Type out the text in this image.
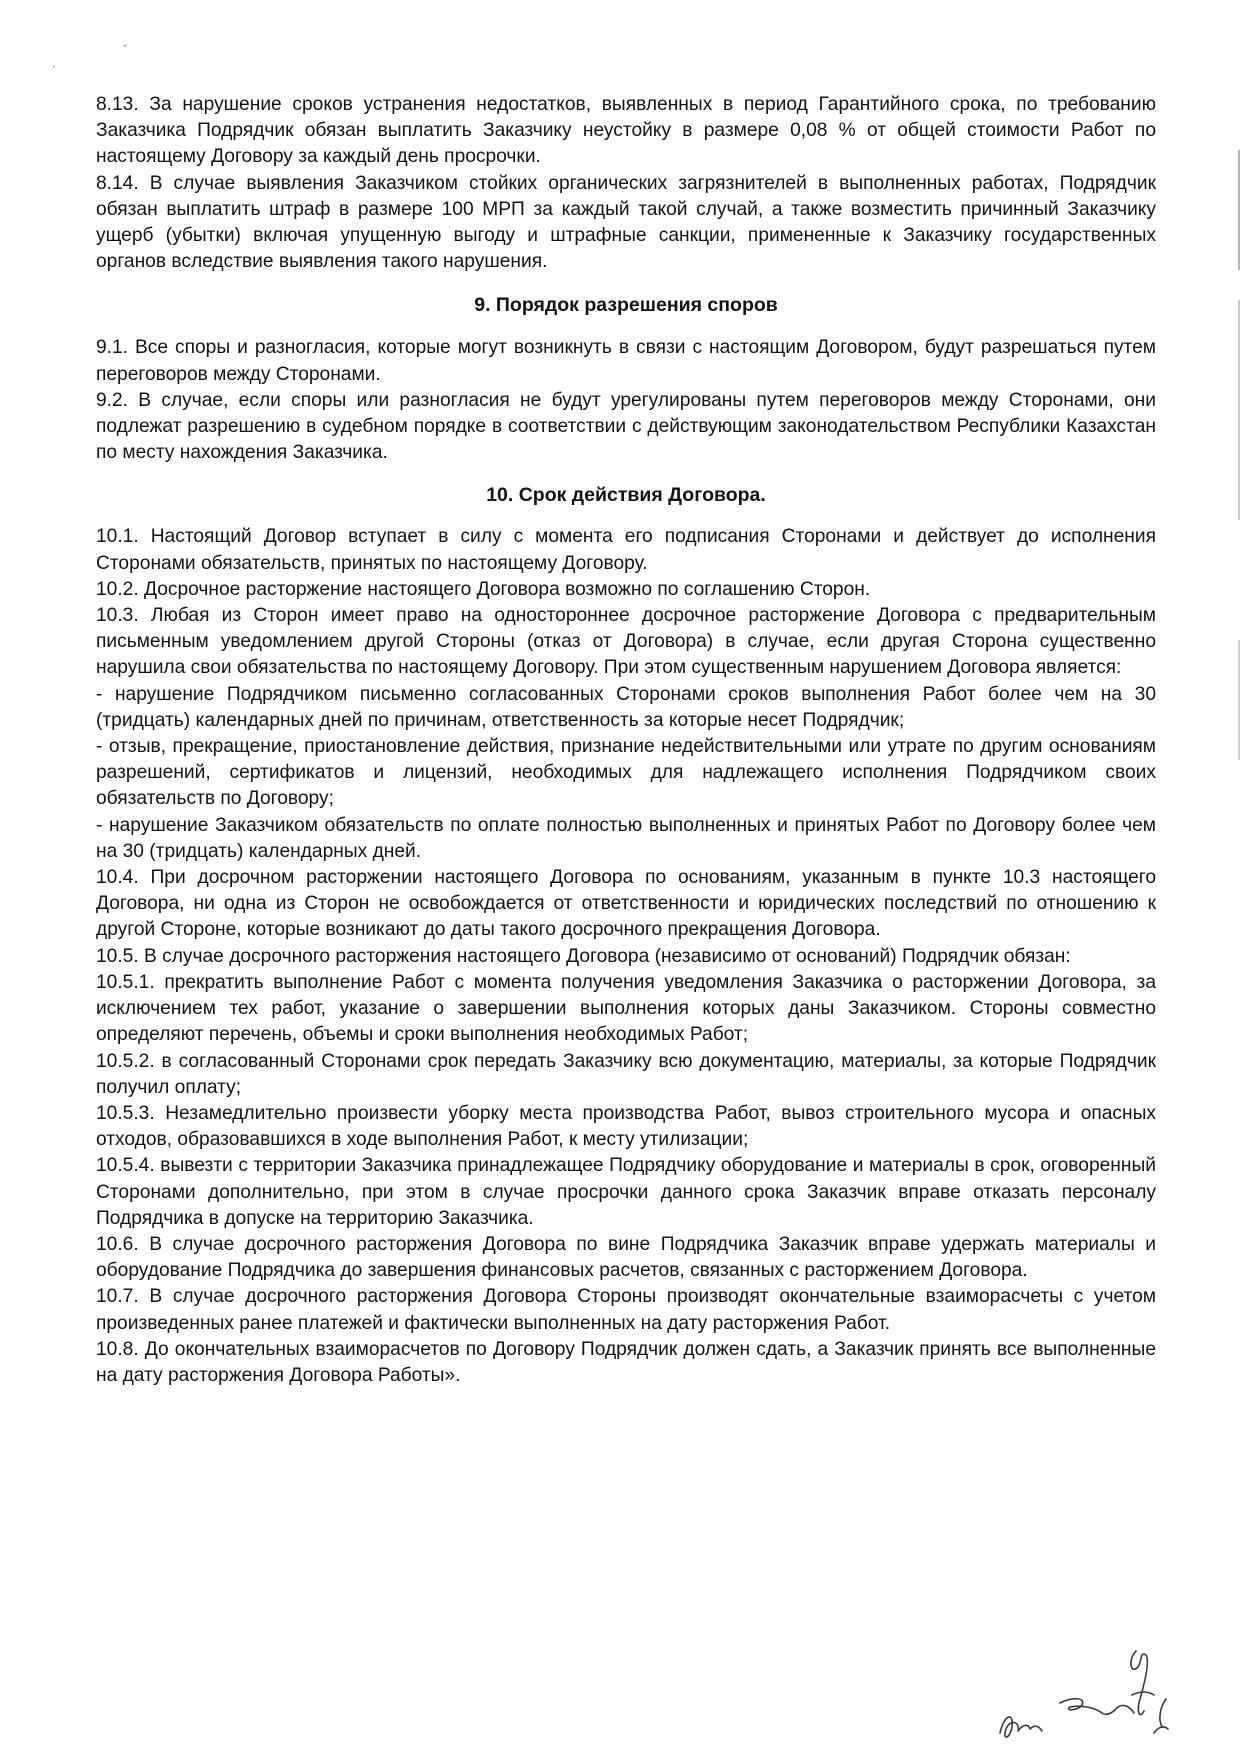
״
·

8.13. За нарушение сроков устранения недостатков, выявленных в период Гарантийного срока, по требованию Заказчика Подрядчик обязан выплатить Заказчику неустойку в размере 0,08 % от общей стоимости Работ по настоящему Договору за каждый день просрочки.

8.14. В случае выявления Заказчиком стойких органических загрязнителей в выполненных работах, Подрядчик обязан выплатить штраф в размере 100 МРП за каждый такой случай, а также возместить причинный Заказчику ущерб (убытки) включая упущенную выгоду и штрафные санкции, примененные к Заказчику государственных органов вследствие выявления такого нарушения.

9. Порядок разрешения споров

9.1. Все споры и разногласия, которые могут возникнуть в связи с настоящим Договором, будут разрешаться путем переговоров между Сторонами.

9.2. В случае, если споры или разногласия не будут урегулированы путем переговоров между Сторонами, они подлежат разрешению в судебном порядке в соответствии с действующим законодательством Республики Казахстан по месту нахождения Заказчика.

10. Срок действия Договора.

10.1. Настоящий Договор вступает в силу с момента его подписания Сторонами и действует до исполнения Сторонами обязательств, принятых по настоящему Договору.

10.2. Досрочное расторжение настоящего Договора возможно по соглашению Сторон.

10.3. Любая из Сторон имеет право на одностороннее досрочное расторжение Договора с предварительным письменным уведомлением другой Стороны (отказ от Договора) в случае, если другая Сторона существенно нарушила свои обязательства по настоящему Договору. При этом существенным нарушением Договора является:

- нарушение Подрядчиком письменно согласованных Сторонами сроков выполнения Работ более чем на 30 (тридцать) календарных дней по причинам, ответственность за которые несет Подрядчик;

- отзыв, прекращение, приостановление действия, признание недействительными или утрате по другим основаниям разрешений, сертификатов и лицензий, необходимых для надлежащего исполнения Подрядчиком своих обязательств по Договору;

- нарушение Заказчиком обязательств по оплате полностью выполненных и принятых Работ по Договору более чем на 30 (тридцать) календарных дней.

10.4. При досрочном расторжении настоящего Договора по основаниям, указанным в пункте 10.3 настоящего Договора, ни одна из Сторон не освобождается от ответственности и юридических последствий по отношению к другой Стороне, которые возникают до даты такого досрочного прекращения Договора.

10.5. В случае досрочного расторжения настоящего Договора (независимо от оснований) Подрядчик обязан:

10.5.1. прекратить выполнение Работ с момента получения уведомления Заказчика о расторжении Договора, за исключением тех работ, указание о завершении выполнения которых даны Заказчиком. Стороны совместно определяют перечень, объемы и сроки выполнения необходимых Работ;

10.5.2. в согласованный Сторонами срок передать Заказчику всю документацию, материалы, за которые Подрядчик получил оплату;

10.5.3. Незамедлительно произвести уборку места производства Работ, вывоз строительного мусора и опасных отходов, образовавшихся в ходе выполнения Работ, к месту утилизации;

10.5.4. вывезти с территории Заказчика принадлежащее Подрядчику оборудование и материалы в срок, оговоренный Сторонами дополнительно, при этом в случае просрочки данного срока Заказчик вправе отказать персоналу Подрядчика в допуске на территорию Заказчика.

10.6. В случае досрочного расторжения Договора по вине Подрядчика Заказчик вправе удержать материалы и оборудование Подрядчика до завершения финансовых расчетов, связанных с расторжением Договора.

10.7. В случае досрочного расторжения Договора Стороны производят окончательные взаиморасчеты с учетом произведенных ранее платежей и фактически выполненных на дату расторжения Работ.

10.8. До окончательных взаиморасчетов по Договору Подрядчик должен сдать, а Заказчик принять все выполненные на дату расторжения Договора Работы».
